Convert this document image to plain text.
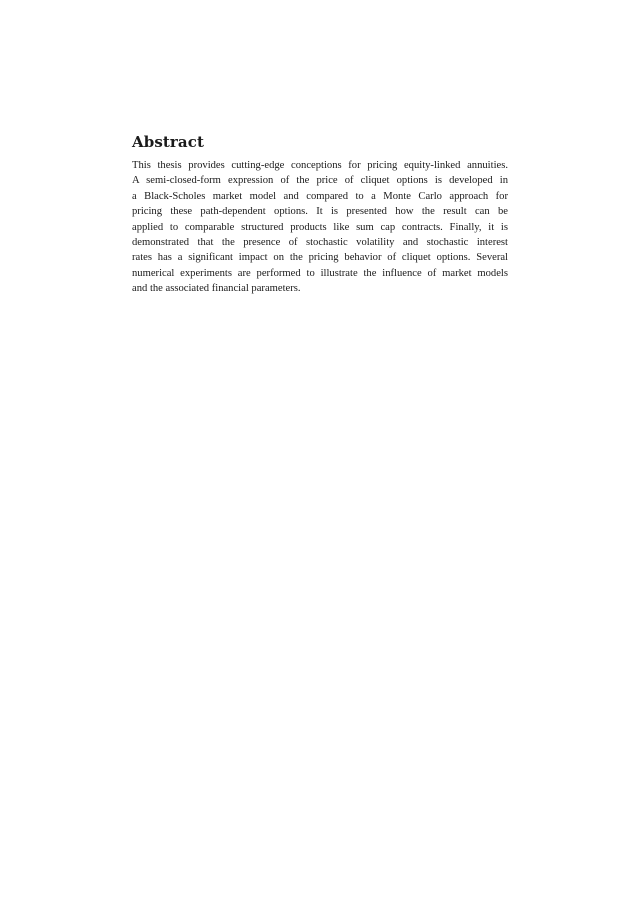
Abstract
This thesis provides cutting-edge conceptions for pricing equity-linked annuities.
A semi-closed-form expression of the price of cliquet options is developed in
a Black-Scholes market model and compared to a Monte Carlo approach for
pricing these path-dependent options. It is presented how the result can be
applied to comparable structured products like sum cap contracts. Finally, it is
demonstrated that the presence of stochastic volatility and stochastic interest
rates has a significant impact on the pricing behavior of cliquet options. Several
numerical experiments are performed to illustrate the influence of market models
and the associated financial parameters.
